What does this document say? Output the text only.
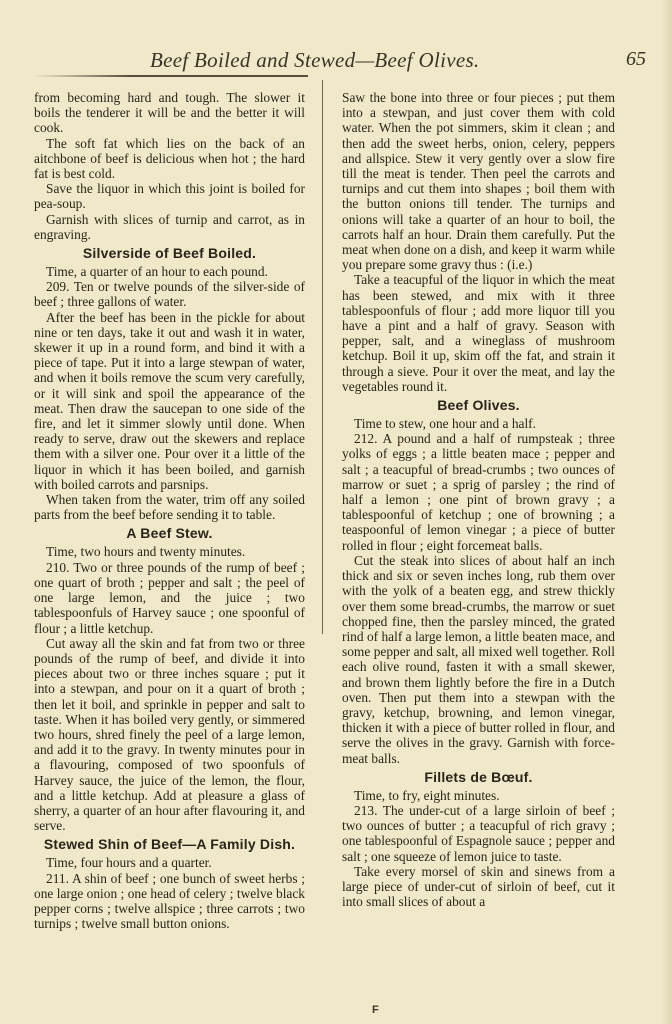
Beef Boiled and Stewed—Beef Olives.	65

from becoming hard and tough. The slower it boils the tenderer it will be and the better it will cook.

The soft fat which lies on the back of an aitchbone of beef is delicious when hot ; the hard fat is best cold.

Save the liquor in which this joint is boiled for pea-soup.

Garnish with slices of turnip and carrot, as in engraving.

Silverside of Beef Boiled.

Time, a quarter of an hour to each pound.

209. Ten or twelve pounds of the silver-side of beef ; three gallons of water.

After the beef has been in the pickle for about nine or ten days, take it out and wash it in water, skewer it up in a round form, and bind it with a piece of tape. Put it into a large stewpan of water, and when it boils remove the scum very carefully, or it will sink and spoil the appearance of the meat. Then draw the saucepan to one side of the fire, and let it simmer slowly until done. When ready to serve, draw out the skewers and replace them with a silver one. Pour over it a little of the liquor in which it has been boiled, and garnish with boiled carrots and parsnips.

When taken from the water, trim off any soiled parts from the beef before sending it to table.

A Beef Stew.

Time, two hours and twenty minutes.

210. Two or three pounds of the rump of beef ; one quart of broth ; pepper and salt ; the peel of one large lemon, and the juice ; two tablespoonfuls of Harvey sauce ; one spoonful of flour ; a little ketchup.

Cut away all the skin and fat from two or three pounds of the rump of beef, and divide it into pieces about two or three inches square ; put it into a stewpan, and pour on it a quart of broth ; then let it boil, and sprinkle in pepper and salt to taste. When it has boiled very gently, or simmered two hours, shred finely the peel of a large lemon, and add it to the gravy. In twenty minutes pour in a flavouring, composed of two spoonfuls of Harvey sauce, the juice of the lemon, the flour, and a little ketchup. Add at pleasure a glass of sherry, a quarter of an hour after flavouring it, and serve.

Stewed Shin of Beef—A Family Dish.

Time, four hours and a quarter.

211. A shin of beef ; one bunch of sweet herbs ; one large onion ; one head of celery ; twelve black pepper corns ; twelve allspice ; three carrots ; two turnips ; twelve small button onions.

Saw the bone into three or four pieces ; put them into a stewpan, and just cover them with cold water. When the pot simmers, skim it clean ; and then add the sweet herbs, onion, celery, peppers and allspice. Stew it very gently over a slow fire till the meat is tender. Then peel the carrots and turnips and cut them into shapes ; boil them with the button onions till tender. The turnips and onions will take a quarter of an hour to boil, the carrots half an hour. Drain them carefully. Put the meat when done on a dish, and keep it warm while you prepare some gravy thus : (i.e.)

Take a teacupful of the liquor in which the meat has been stewed, and mix with it three tablespoonfuls of flour ; add more liquor till you have a pint and a half of gravy. Season with pepper, salt, and a wineglass of mushroom ketchup. Boil it up, skim off the fat, and strain it through a sieve. Pour it over the meat, and lay the vegetables round it.

Beef Olives.

Time to stew, one hour and a half.

212. A pound and a half of rumpsteak ; three yolks of eggs ; a little beaten mace ; pepper and salt ; a teacupful of bread-crumbs ; two ounces of marrow or suet ; a sprig of parsley ; the rind of half a lemon ; one pint of brown gravy ; a tablespoonful of ketchup ; one of browning ; a teaspoonful of lemon vinegar ; a piece of butter rolled in flour ; eight forcemeat balls.

Cut the steak into slices of about half an inch thick and six or seven inches long, rub them over with the yolk of a beaten egg, and strew thickly over them some bread-crumbs, the marrow or suet chopped fine, then the parsley minced, the grated rind of half a large lemon, a little beaten mace, and some pepper and salt, all mixed well together. Roll each olive round, fasten it with a small skewer, and brown them lightly before the fire in a Dutch oven. Then put them into a stewpan with the gravy, ketchup, browning, and lemon vinegar, thicken it with a piece of butter rolled in flour, and serve the olives in the gravy. Garnish with force-meat balls.

Fillets de Bœuf.

Time, to fry, eight minutes.

213. The under-cut of a large sirloin of beef ; two ounces of butter ; a teacupful of rich gravy ; one tablespoonful of Espagnole sauce ; pepper and salt ; one squeeze of lemon juice to taste.

Take every morsel of skin and sinews from a large piece of under-cut of sirloin of beef, cut it into small slices of about a

F
